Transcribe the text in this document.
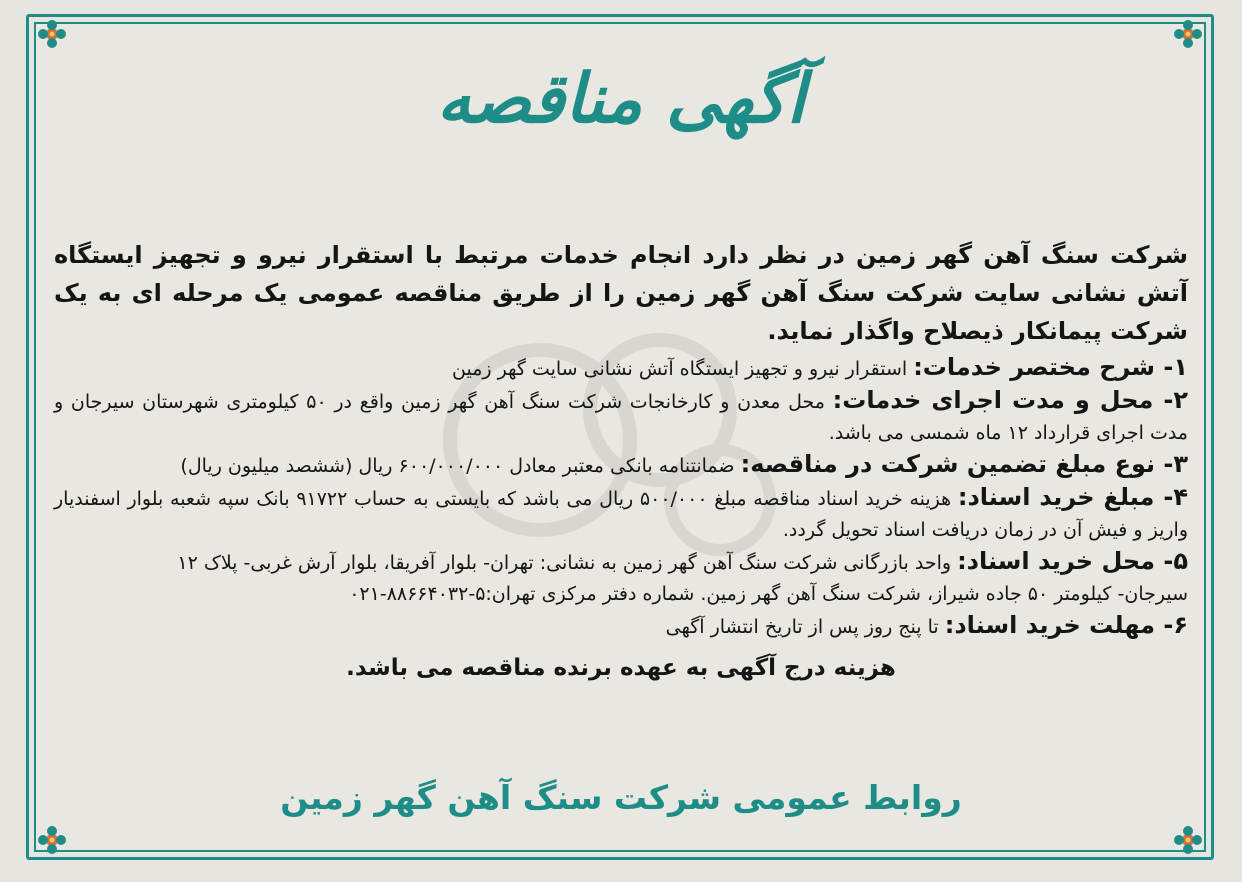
آگهی مناقصه

شرکت سنگ آهن گهر زمین در نظر دارد انجام خدمات مرتبط با استقرار نیرو و تجهیز ایستگاه آتش نشانی سایت شرکت سنگ آهن گهر زمین را از طریق مناقصه عمومی یک مرحله ای به یک شرکت پیمانکار ذیصلاح واگذار نماید.

۱- شرح مختصر خدمات: استقرار نیرو و تجهیز ایستگاه آتش نشانی سایت گهر زمین

۲- محل و مدت اجرای خدمات: محل معدن و کارخانجات شرکت سنگ آهن گهر زمین واقع در ۵۰ کیلومتری شهرستان سیرجان و مدت اجرای قرارداد ۱۲ ماه شمسی می باشد.

۳- نوع مبلغ تضمین شرکت در مناقصه: ضمانتنامه بانکی معتبر معادل ۶۰۰/۰۰۰/۰۰۰ ریال (ششصد میلیون ریال)

۴- مبلغ خرید اسناد: هزینه خرید اسناد مناقصه مبلغ ۵۰۰/۰۰۰ ریال می باشد که بایستی به حساب ۹۱۷۲۲ بانک سپه شعبه بلوار اسفندیار واریز و فیش آن در زمان دریافت اسناد تحویل گردد.

۵- محل خرید اسناد: واحد بازرگانی شرکت سنگ آهن گهر زمین به نشانی: تهران- بلوار آفریقا، بلوار آرش غربی- پلاک ۱۲

سیرجان- کیلومتر ۵۰ جاده شیراز، شرکت سنگ آهن گهر زمین. شماره دفتر مرکزی تهران:۵-۸۸۶۶۴۰۳۲-۰۲۱

۶- مهلت خرید اسناد: تا پنج روز پس از تاریخ انتشار آگهی

هزینه درج آگهی به عهده برنده مناقصه می باشد.
روابط عمومی شرکت سنگ آهن گهر زمین
